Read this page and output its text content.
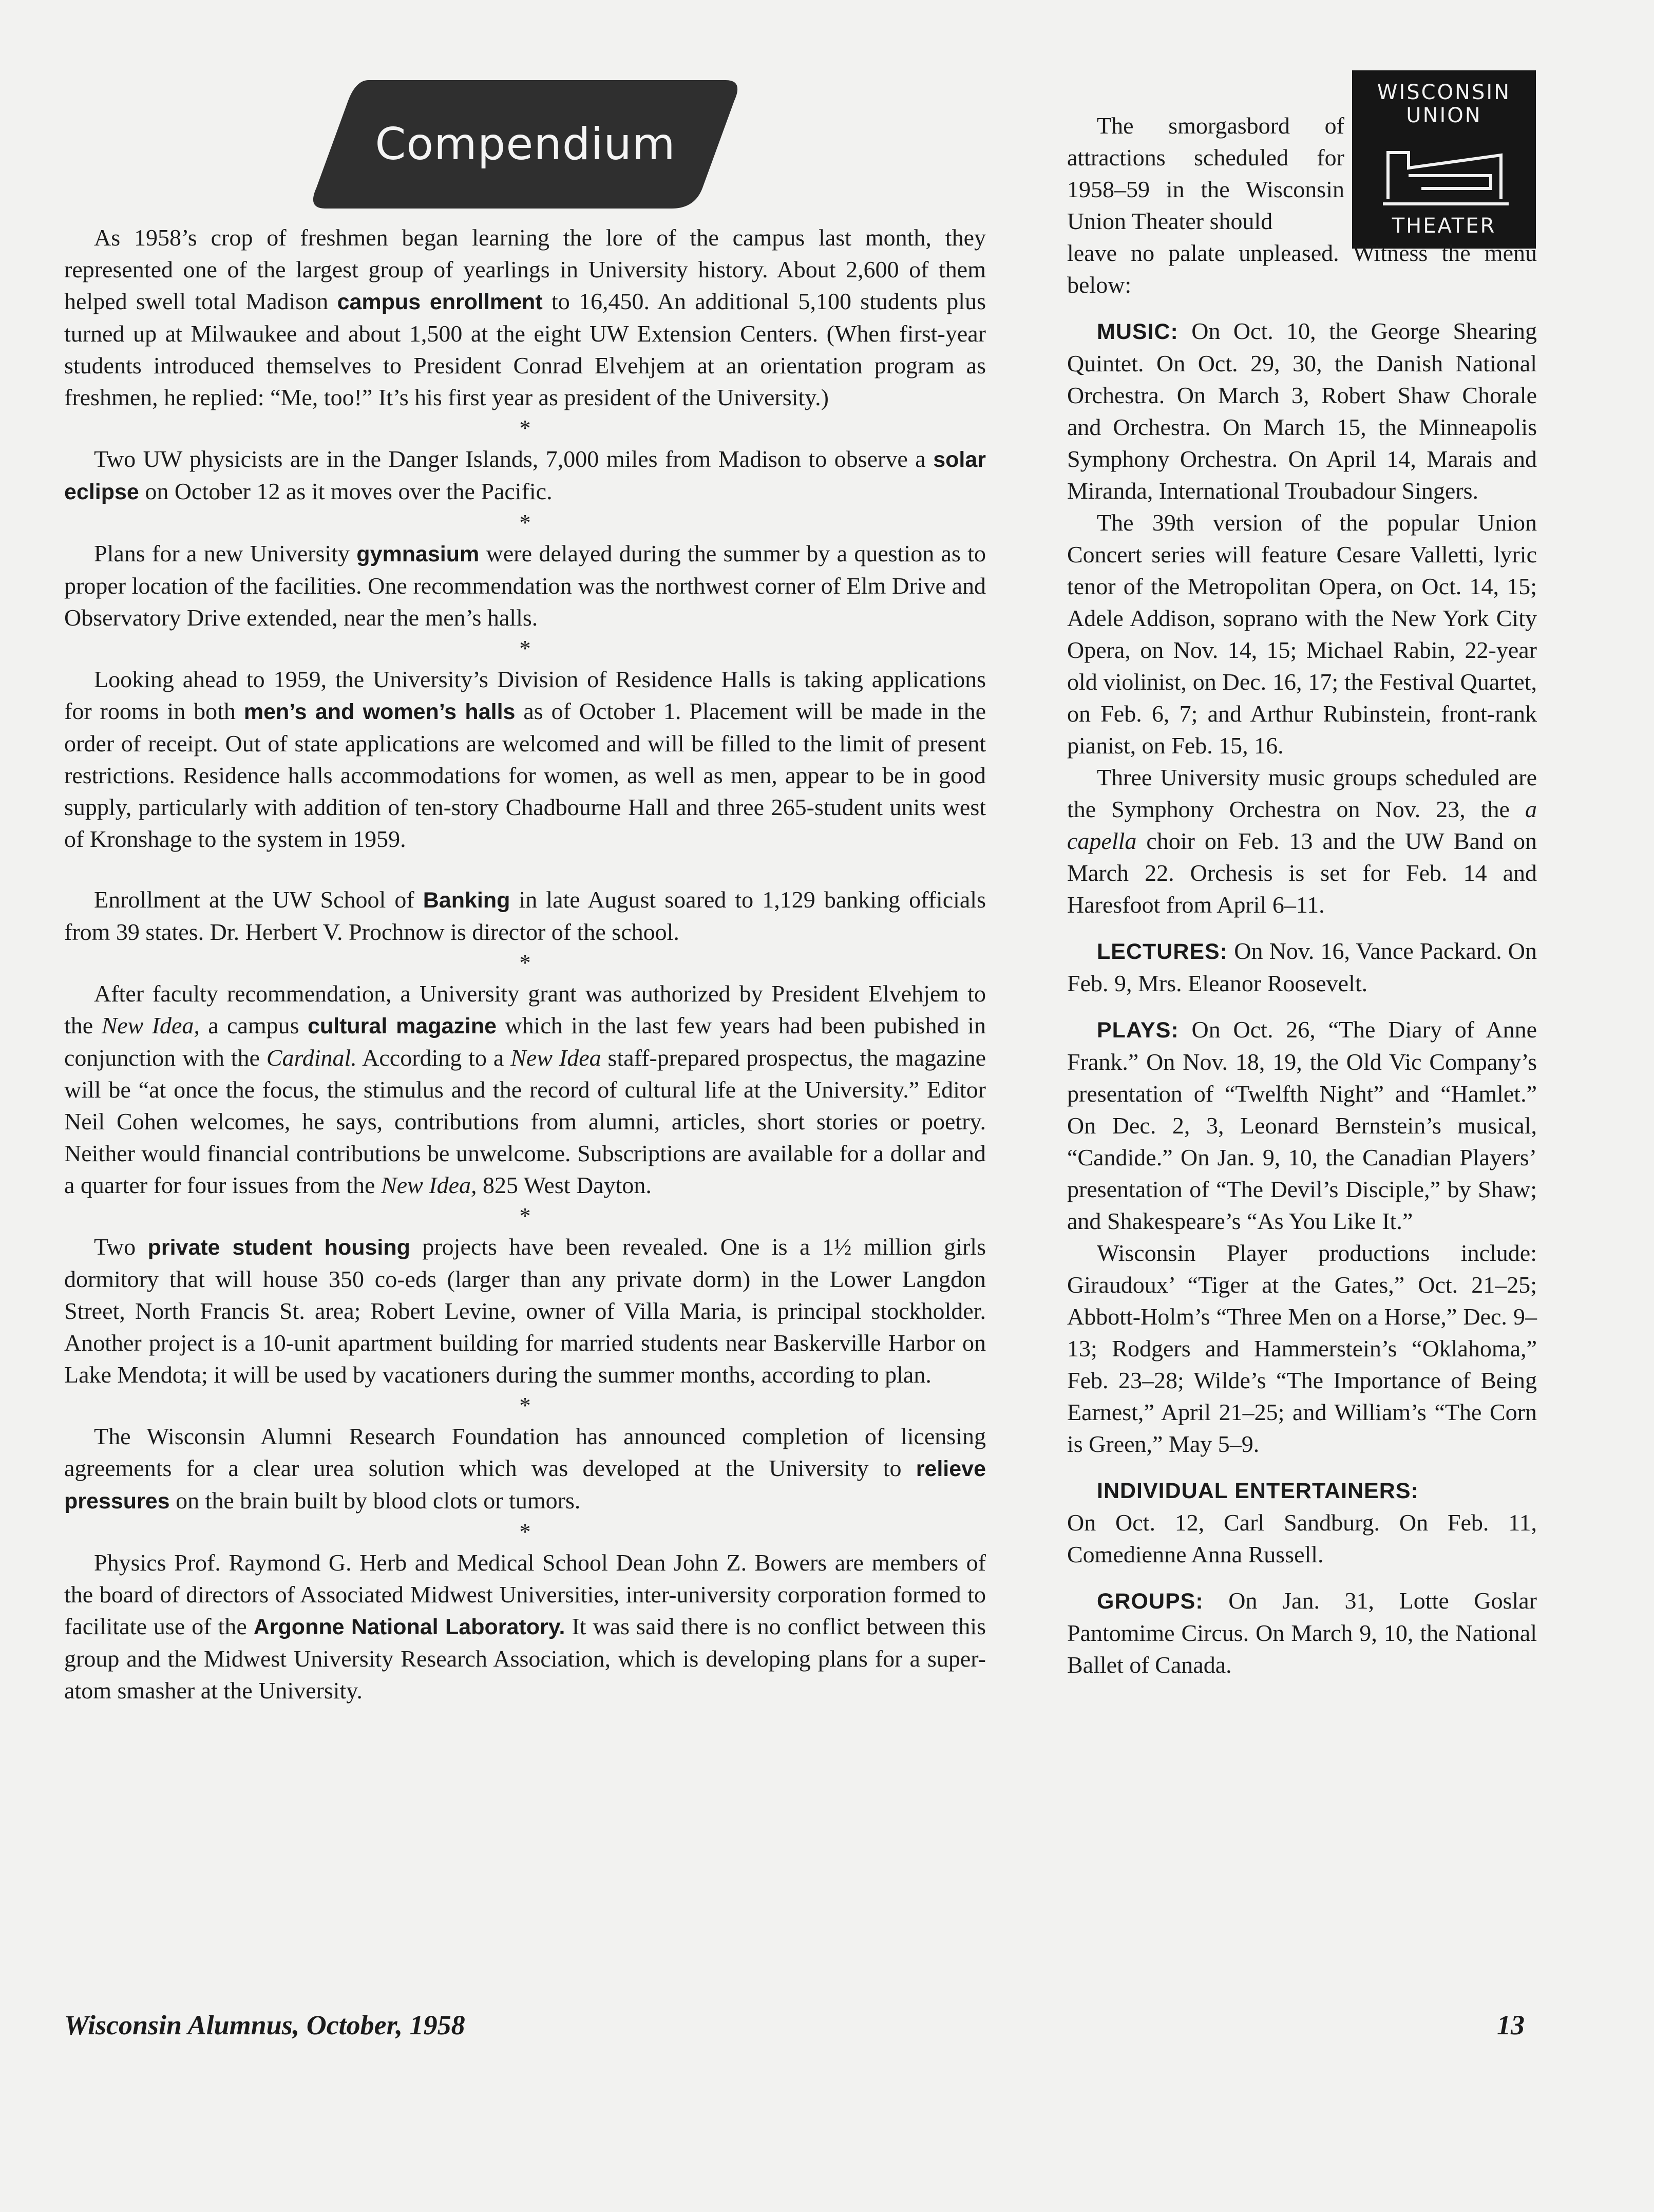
Compendium
WISCONSIN
UNION
THEATER

As 1958’s crop of freshmen began learning the lore of the campus last month, they represented one of the largest group of yearlings in University history. About 2,600 of them helped swell total Madison campus enrollment to 16,450. An additional 5,100 students plus turned up at Milwaukee and about 1,500 at the eight UW Extension Centers. (When first-year students introduced themselves to President Conrad Elvehjem at an orientation program as freshmen, he replied: “Me, too!” It’s his first year as president of the University.)

*

Two UW physicists are in the Danger Islands, 7,000 miles from Madison to observe a solar eclipse on October 12 as it moves over the Pacific.

*

Plans for a new University gymnasium were delayed during the summer by a question as to proper location of the facilities. One recommendation was the northwest corner of Elm Drive and Observatory Drive extended, near the men’s halls.

*

Looking ahead to 1959, the University’s Division of Residence Halls is taking applications for rooms in both men’s and women’s halls as of October 1. Placement will be made in the order of receipt. Out of state applications are welcomed and will be filled to the limit of present restrictions. Residence halls accommodations for women, as well as men, appear to be in good supply, particularly with addition of ten-story Chadbourne Hall and three 265-student units west of Kronshage to the system in 1959.

Enrollment at the UW School of Banking in late August soared to 1,129 banking officials from 39 states. Dr. Herbert V. Prochnow is director of the school.

*

After faculty recommendation, a University grant was authorized by President Elvehjem to the New Idea, a campus cultural magazine which in the last few years had been pubished in conjunction with the Cardinal. According to a New Idea staff-prepared prospectus, the magazine will be “at once the focus, the stimulus and the record of cultural life at the University.” Editor Neil Cohen welcomes, he says, contributions from alumni, articles, short stories or poetry. Neither would financial contributions be unwelcome. Subscriptions are available for a dollar and a quarter for four issues from the New Idea, 825 West Dayton.

*

Two private student housing projects have been revealed. One is a 1½ million girls dormitory that will house 350 co-eds (larger than any private dorm) in the Lower Langdon Street, North Francis St. area; Robert Levine, owner of Villa Maria, is principal stockholder. Another project is a 10-unit apartment building for married students near Baskerville Harbor on Lake Mendota; it will be used by vacationers during the summer months, according to plan.

*

The Wisconsin Alumni Research Foundation has announced completion of licensing agreements for a clear urea solution which was developed at the University to relieve pressures on the brain built by blood clots or tumors.

*

Physics Prof. Raymond G. Herb and Medical School Dean John Z. Bowers are members of the board of directors of Associated Midwest Universities, inter-university corporation formed to facilitate use of the Argonne National Laboratory. It was said there is no conflict between this group and the Midwest University Research Association, which is developing plans for a super-atom smasher at the University.

The smorgasbord of attractions scheduled for 1958–59 in the Wisconsin Union Theater should

leave no palate unpleased. Witness the menu below:

MUSIC: On Oct. 10, the George Shearing Quintet. On Oct. 29, 30, the Danish National Orchestra. On March 3, Robert Shaw Chorale and Orchestra. On March 15, the Minneapolis Symphony Orchestra. On April 14, Marais and Miranda, International Troubadour Singers.

The 39th version of the popular Union Concert series will feature Cesare Valletti, lyric tenor of the Metropolitan Opera, on Oct. 14, 15; Adele Addison, soprano with the New York City Opera, on Nov. 14, 15; Michael Rabin, 22-year old violinist, on Dec. 16, 17; the Festival Quartet, on Feb. 6, 7; and Arthur Rubinstein, front-rank pianist, on Feb. 15, 16.

Three University music groups scheduled are the Symphony Orchestra on Nov. 23, the a capella choir on Feb. 13 and the UW Band on March 22. Orchesis is set for Feb. 14 and Haresfoot from April 6–11.

LECTURES: On Nov. 16, Vance Packard. On Feb. 9, Mrs. Eleanor Roosevelt.

PLAYS: On Oct. 26, “The Diary of Anne Frank.” On Nov. 18, 19, the Old Vic Company’s presentation of “Twelfth Night” and “Hamlet.” On Dec. 2, 3, Leonard Bernstein’s musical, “Candide.” On Jan. 9, 10, the Canadian Players’ presentation of “The Devil’s Disciple,” by Shaw; and Shakespeare’s “As You Like It.”

Wisconsin Player productions include: Giraudoux’ “Tiger at the Gates,” Oct. 21–25; Abbott-Holm’s “Three Men on a Horse,” Dec. 9–13; Rodgers and Hammerstein’s “Oklahoma,” Feb. 23–28; Wilde’s “The Importance of Being Earnest,” April 21–25; and William’s “The Corn is Green,” May 5–9.

INDIVIDUAL ENTERTAINERS:
On Oct. 12, Carl Sandburg. On Feb. 11, Comedienne Anna Russell.

GROUPS: On Jan. 31, Lotte Goslar Pantomime Circus. On March 9, 10, the National Ballet of Canada.

Wisconsin Alumnus, October, 1958	13
